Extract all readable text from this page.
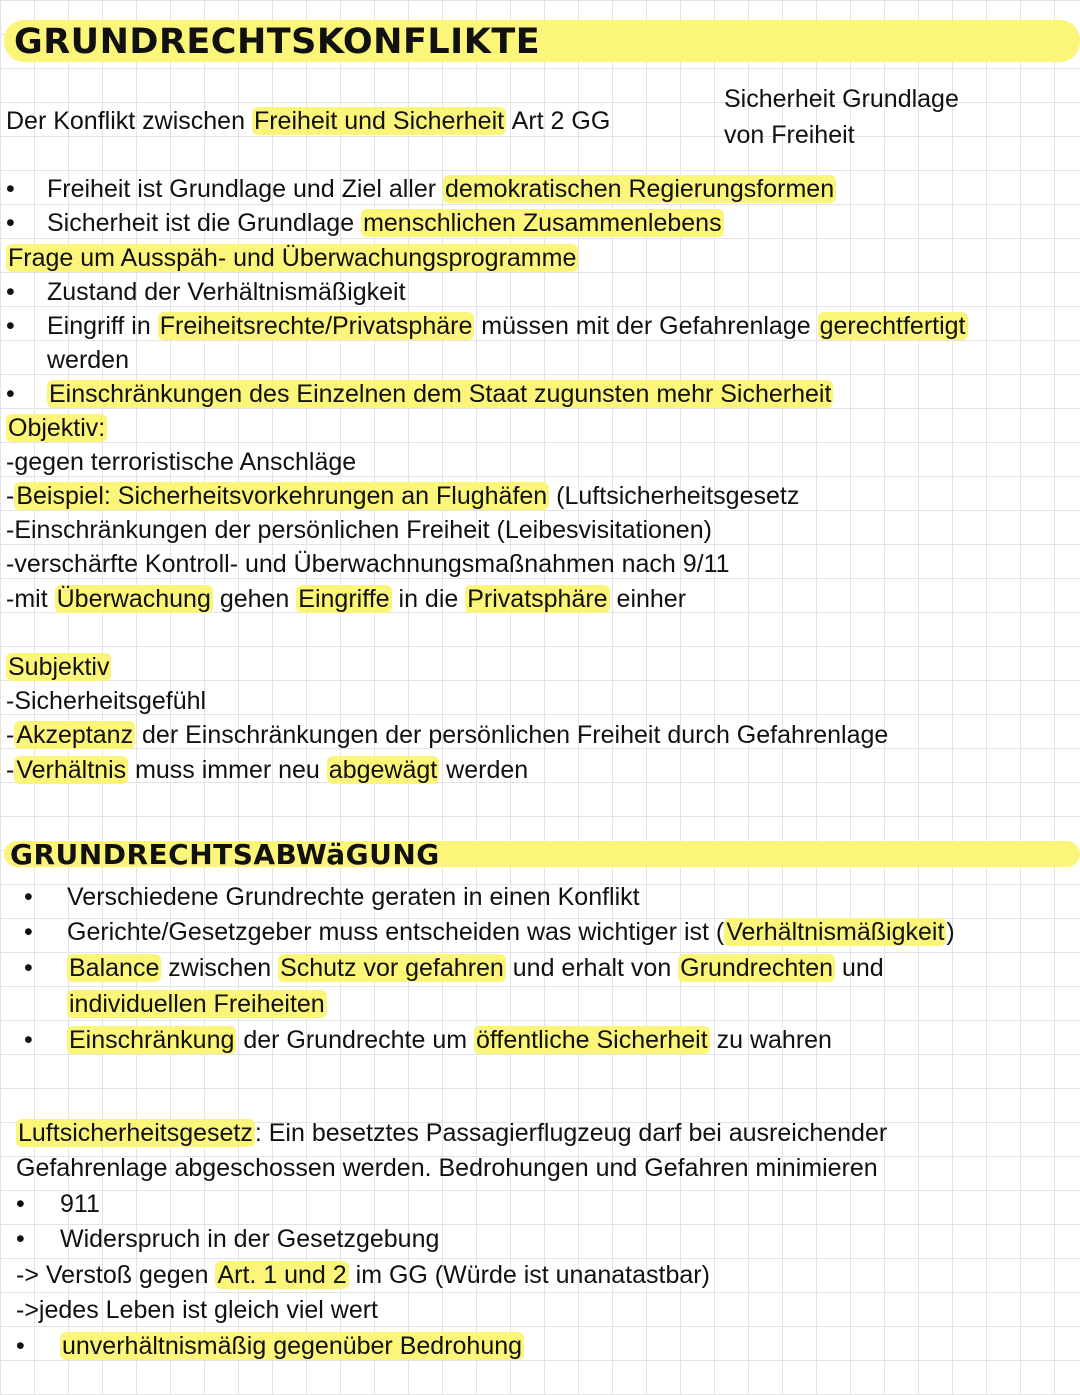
GRUNDRECHTSKONFLIKTE
Der Konflikt zwischen Freiheit und Sicherheit Art 2 GG
Sicherheit Grundlage
von Freiheit
• Freiheit ist Grundlage und Ziel aller demokratischen Regierungsformen
• Sicherheit ist die Grundlage menschlichen Zusammenlebens
Frage um Ausspäh- und Überwachungsprogramme
• Zustand der Verhältnismäßigkeit
• Eingriff in Freiheitsrechte/Privatsphäre müssen mit der Gefahrenlage gerechtfertigt
werden
• Einschränkungen des Einzelnen dem Staat zugunsten mehr Sicherheit
Objektiv:
-gegen terroristische Anschläge
-Beispiel: Sicherheitsvorkehrungen an Flughäfen (Luftsicherheitsgesetz
-Einschränkungen der persönlichen Freiheit (Leibesvisitationen)
-verschärfte Kontroll- und Überwachnungsmaßnahmen nach 9/11
-mit Überwachung gehen Eingriffe in die Privatsphäre einher
Subjektiv
-Sicherheitsgefühl
-Akzeptanz der Einschränkungen der persönlichen Freiheit durch Gefahrenlage
-Verhältnis muss immer neu abgewägt werden
GRUNDRECHTSABWäGUNG
• Verschiedene Grundrechte geraten in einen Konflikt
• Gerichte/Gesetzgeber muss entscheiden was wichtiger ist (Verhältnismäßigkeit)
• Balance zwischen Schutz vor gefahren und erhalt von Grundrechten und
individuellen Freiheiten
• Einschränkung der Grundrechte um öffentliche Sicherheit zu wahren
Luftsicherheitsgesetz: Ein besetztes Passagierflugzeug darf bei ausreichender
Gefahrenlage abgeschossen werden. Bedrohungen und Gefahren minimieren
• 911
• Widerspruch in der Gesetzgebung
-> Verstoß gegen Art. 1 und 2 im GG (Würde ist unanatastbar)
->jedes Leben ist gleich viel wert
• unverhältnismäßig gegenüber Bedrohung
